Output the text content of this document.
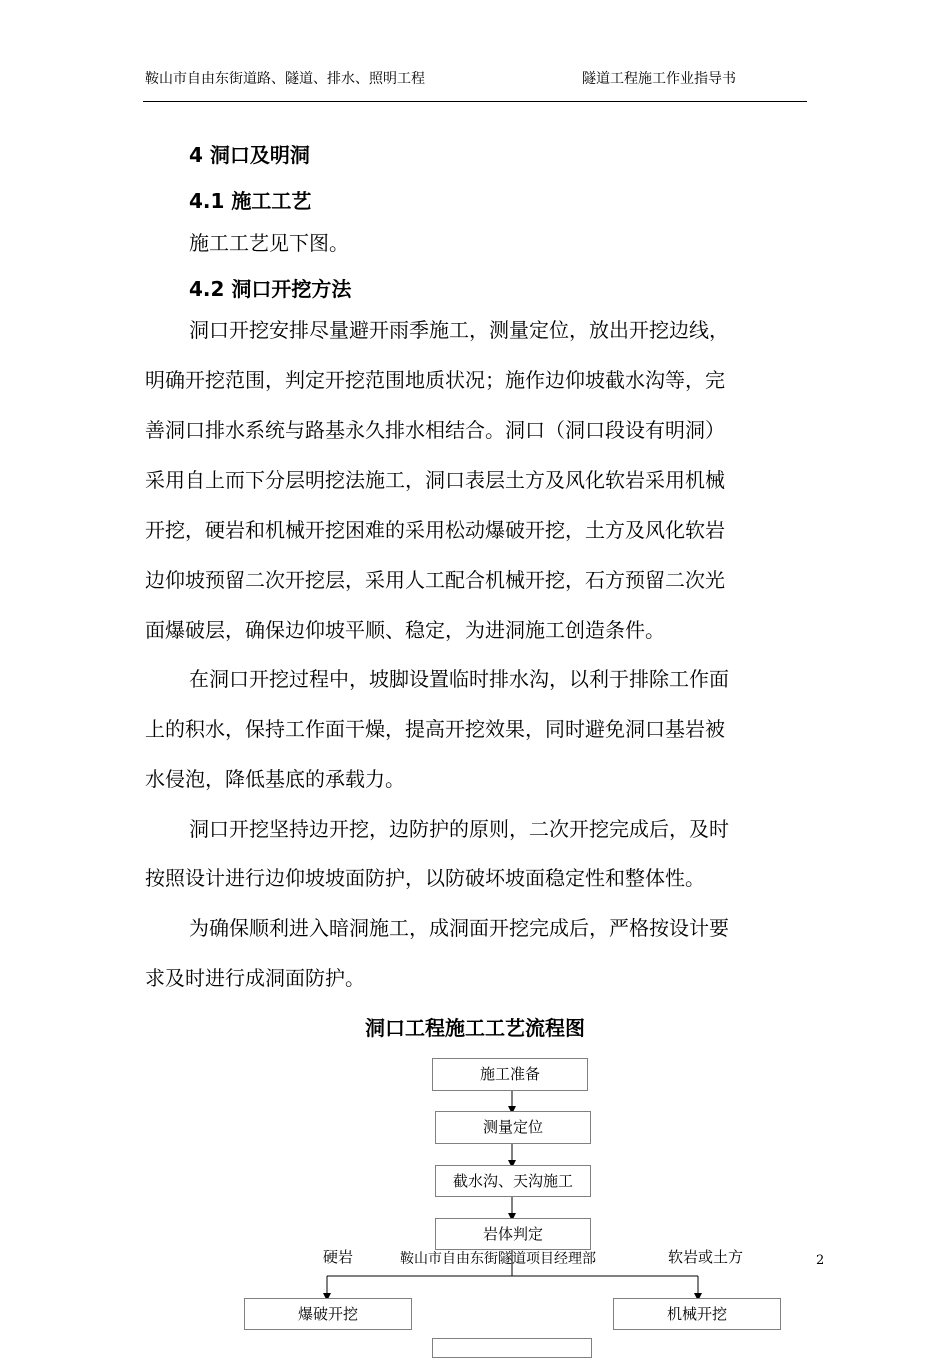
鞍山市自由东街道路、隧道、排水、照明工程	隧道工程施工作业指导书
4 洞口及明洞
4.1 施工工艺
施工工艺见下图。
4.2 洞口开挖方法
洞口开挖安排尽量避开雨季施工，测量定位，放出开挖边线，
明确开挖范围，判定开挖范围地质状况；施作边仰坡截水沟等，完
善洞口排水系统与路基永久排水相结合。洞口（洞口段设有明洞）
采用自上而下分层明挖法施工，洞口表层土方及风化软岩采用机械
开挖，硬岩和机械开挖困难的采用松动爆破开挖，土方及风化软岩
边仰坡预留二次开挖层，采用人工配合机械开挖，石方预留二次光
面爆破层，确保边仰坡平顺、稳定，为进洞施工创造条件。
在洞口开挖过程中，坡脚设置临时排水沟，以利于排除工作面
上的积水，保持工作面干燥，提高开挖效果，同时避免洞口基岩被
水侵泡，降低基底的承载力。
洞口开挖坚持边开挖，边防护的原则，二次开挖完成后，及时
按照设计进行边仰坡坡面防护，以防破坏坡面稳定性和整体性。
为确保顺利进入暗洞施工，成洞面开挖完成后，严格按设计要
求及时进行成洞面防护。
洞口工程施工工艺流程图
施工准备
测量定位
截水沟、天沟施工
岩体判定
硬岩	软岩或土方
爆破开挖	机械开挖
鞍山市自由东街隧道项目经理部	2
